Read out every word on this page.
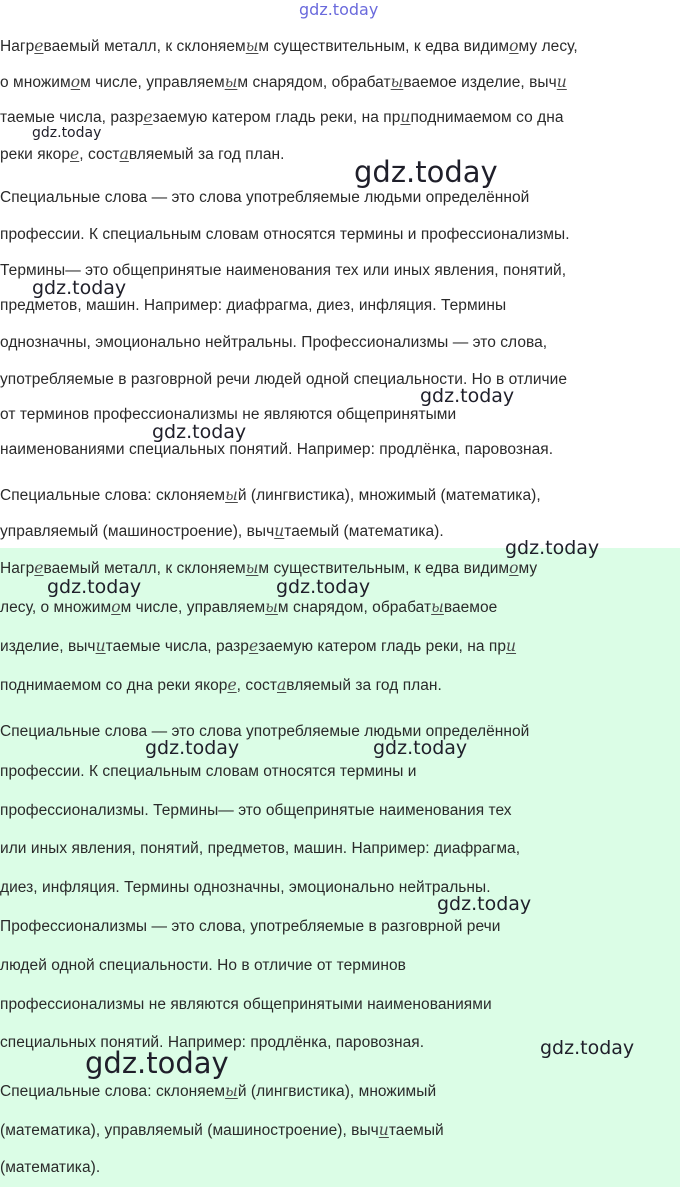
Нагреваемый металл, к склоняемым существительным, к едва видимому лесу,
о множимом числе, управляемым снарядом, обрабатываемое изделие, вычи
таемые числа, разрезаемую катером гладь реки, на приподнимаемом со дна
реки якоре, составляемый за год план.
Специальные слова — это слова употребляемые людьми определённой
профессии. К специальным словам относятся термины и профессионализмы.
Термины— это общепринятые наименования тех или иных явления, понятий,
предметов, машин. Например: диафрагма, диез, инфляция. Термины
однозначны, эмоционально нейтральны. Профессионализмы — это слова,
употребляемые в разговрной речи людей одной специальности. Но в отличие
от терминов профессионализмы не являются общепринятыми
наименованиями специальных понятий. Например: продлёнка, паровозная.
Специальные слова: склоняемый (лингвистика), множимый (математика),
управляемый (машиностроение), вычитаемый (математика).
Нагреваемый металл, к склоняемым существительным, к едва видимому
лесу, о множимом числе, управляемым снарядом, обрабатываемое
изделие, вычитаемые числа, разрезаемую катером гладь реки, на при
поднимаемом со дна реки якоре, составляемый за год план.
Специальные слова — это слова употребляемые людьми определённой
профессии. К специальным словам относятся термины и
профессионализмы. Термины— это общепринятые наименования тех
или иных явления, понятий, предметов, машин. Например: диафрагма,
диез, инфляция. Термины однозначны, эмоционально нейтральны.
Профессионализмы — это слова, употребляемые в разговрной речи
людей одной специальности. Но в отличие от терминов
профессионализмы не являются общепринятыми наименованиями
специальных понятий. Например: продлёнка, паровозная.
Специальные слова: склоняемый (лингвистика), множимый
(математика), управляемый (машиностроение), вычитаемый
(математика).
gdz.today
gdz.today
gdz.today
gdz.today
gdz.today
gdz.today
gdz.today
gdz.today	gdz.today
gdz.today	gdz.today
gdz.today
gdz.today
gdz.today
